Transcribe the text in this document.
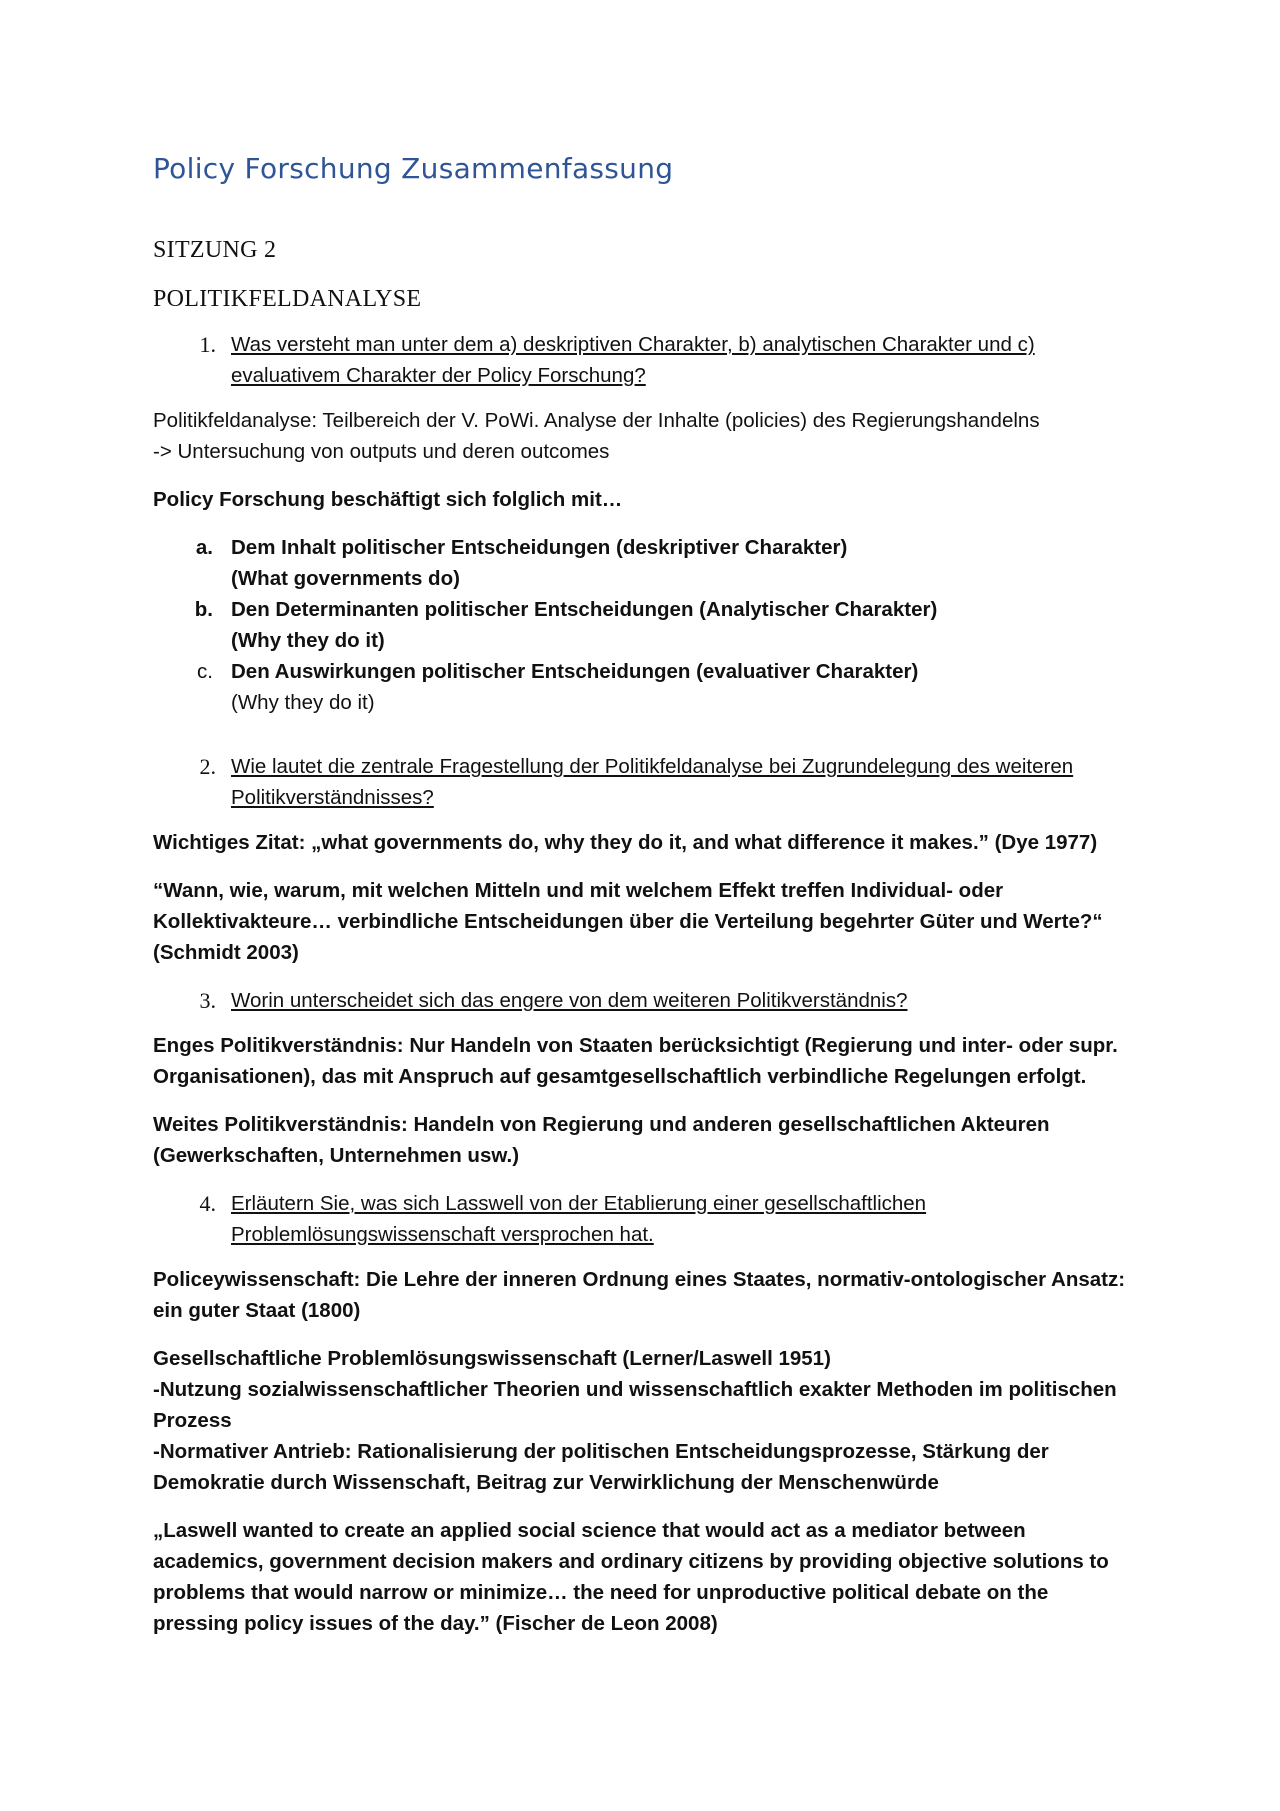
Policy Forschung Zusammenfassung
SITZUNG 2
POLITIKFELDANALYSE
1. Was versteht man unter dem a) deskriptiven Charakter, b) analytischen Charakter und c) evaluativem Charakter der Policy Forschung?
Politikfeldanalyse: Teilbereich der V. PoWi. Analyse der Inhalte (policies) des Regierungshandelns
-> Untersuchung von outputs und deren outcomes
Policy Forschung beschäftigt sich folglich mit…
a. Dem Inhalt politischer Entscheidungen (deskriptiver Charakter)
(What governments do)
b. Den Determinanten politischer Entscheidungen (Analytischer Charakter)
(Why they do it)
c. Den Auswirkungen politischer Entscheidungen (evaluativer Charakter)
(Why they do it)
2. Wie lautet die zentrale Fragestellung der Politikfeldanalyse bei Zugrundelegung des weiteren Politikverständnisses?
Wichtiges Zitat: „what governments do, why they do it, and what difference it makes.” (Dye 1977)
“Wann, wie, warum, mit welchen Mitteln und mit welchem Effekt treffen Individual- oder Kollektivakteure… verbindliche Entscheidungen über die Verteilung begehrter Güter und Werte?“ (Schmidt 2003)
3. Worin unterscheidet sich das engere von dem weiteren Politikverständnis?
Enges Politikverständnis: Nur Handeln von Staaten berücksichtigt (Regierung und inter- oder supr. Organisationen), das mit Anspruch auf gesamtgesellschaftlich verbindliche Regelungen erfolgt.
Weites Politikverständnis: Handeln von Regierung und anderen gesellschaftlichen Akteuren (Gewerkschaften, Unternehmen usw.)
4. Erläutern Sie, was sich Lasswell von der Etablierung einer gesellschaftlichen Problemlösungswissenschaft versprochen hat.
Policeywissenschaft: Die Lehre der inneren Ordnung eines Staates, normativ-ontologischer Ansatz: ein guter Staat (1800)
Gesellschaftliche Problemlösungswissenschaft (Lerner/Laswell 1951)
-Nutzung sozialwissenschaftlicher Theorien und wissenschaftlich exakter Methoden im politischen Prozess
-Normativer Antrieb: Rationalisierung der politischen Entscheidungsprozesse, Stärkung der Demokratie durch Wissenschaft, Beitrag zur Verwirklichung der Menschenwürde
„Laswell wanted to create an applied social science that would act as a mediator between academics, government decision makers and ordinary citizens by providing objective solutions to problems that would narrow or minimize… the need for unproductive political debate on the pressing policy issues of the day.” (Fischer de Leon 2008)
